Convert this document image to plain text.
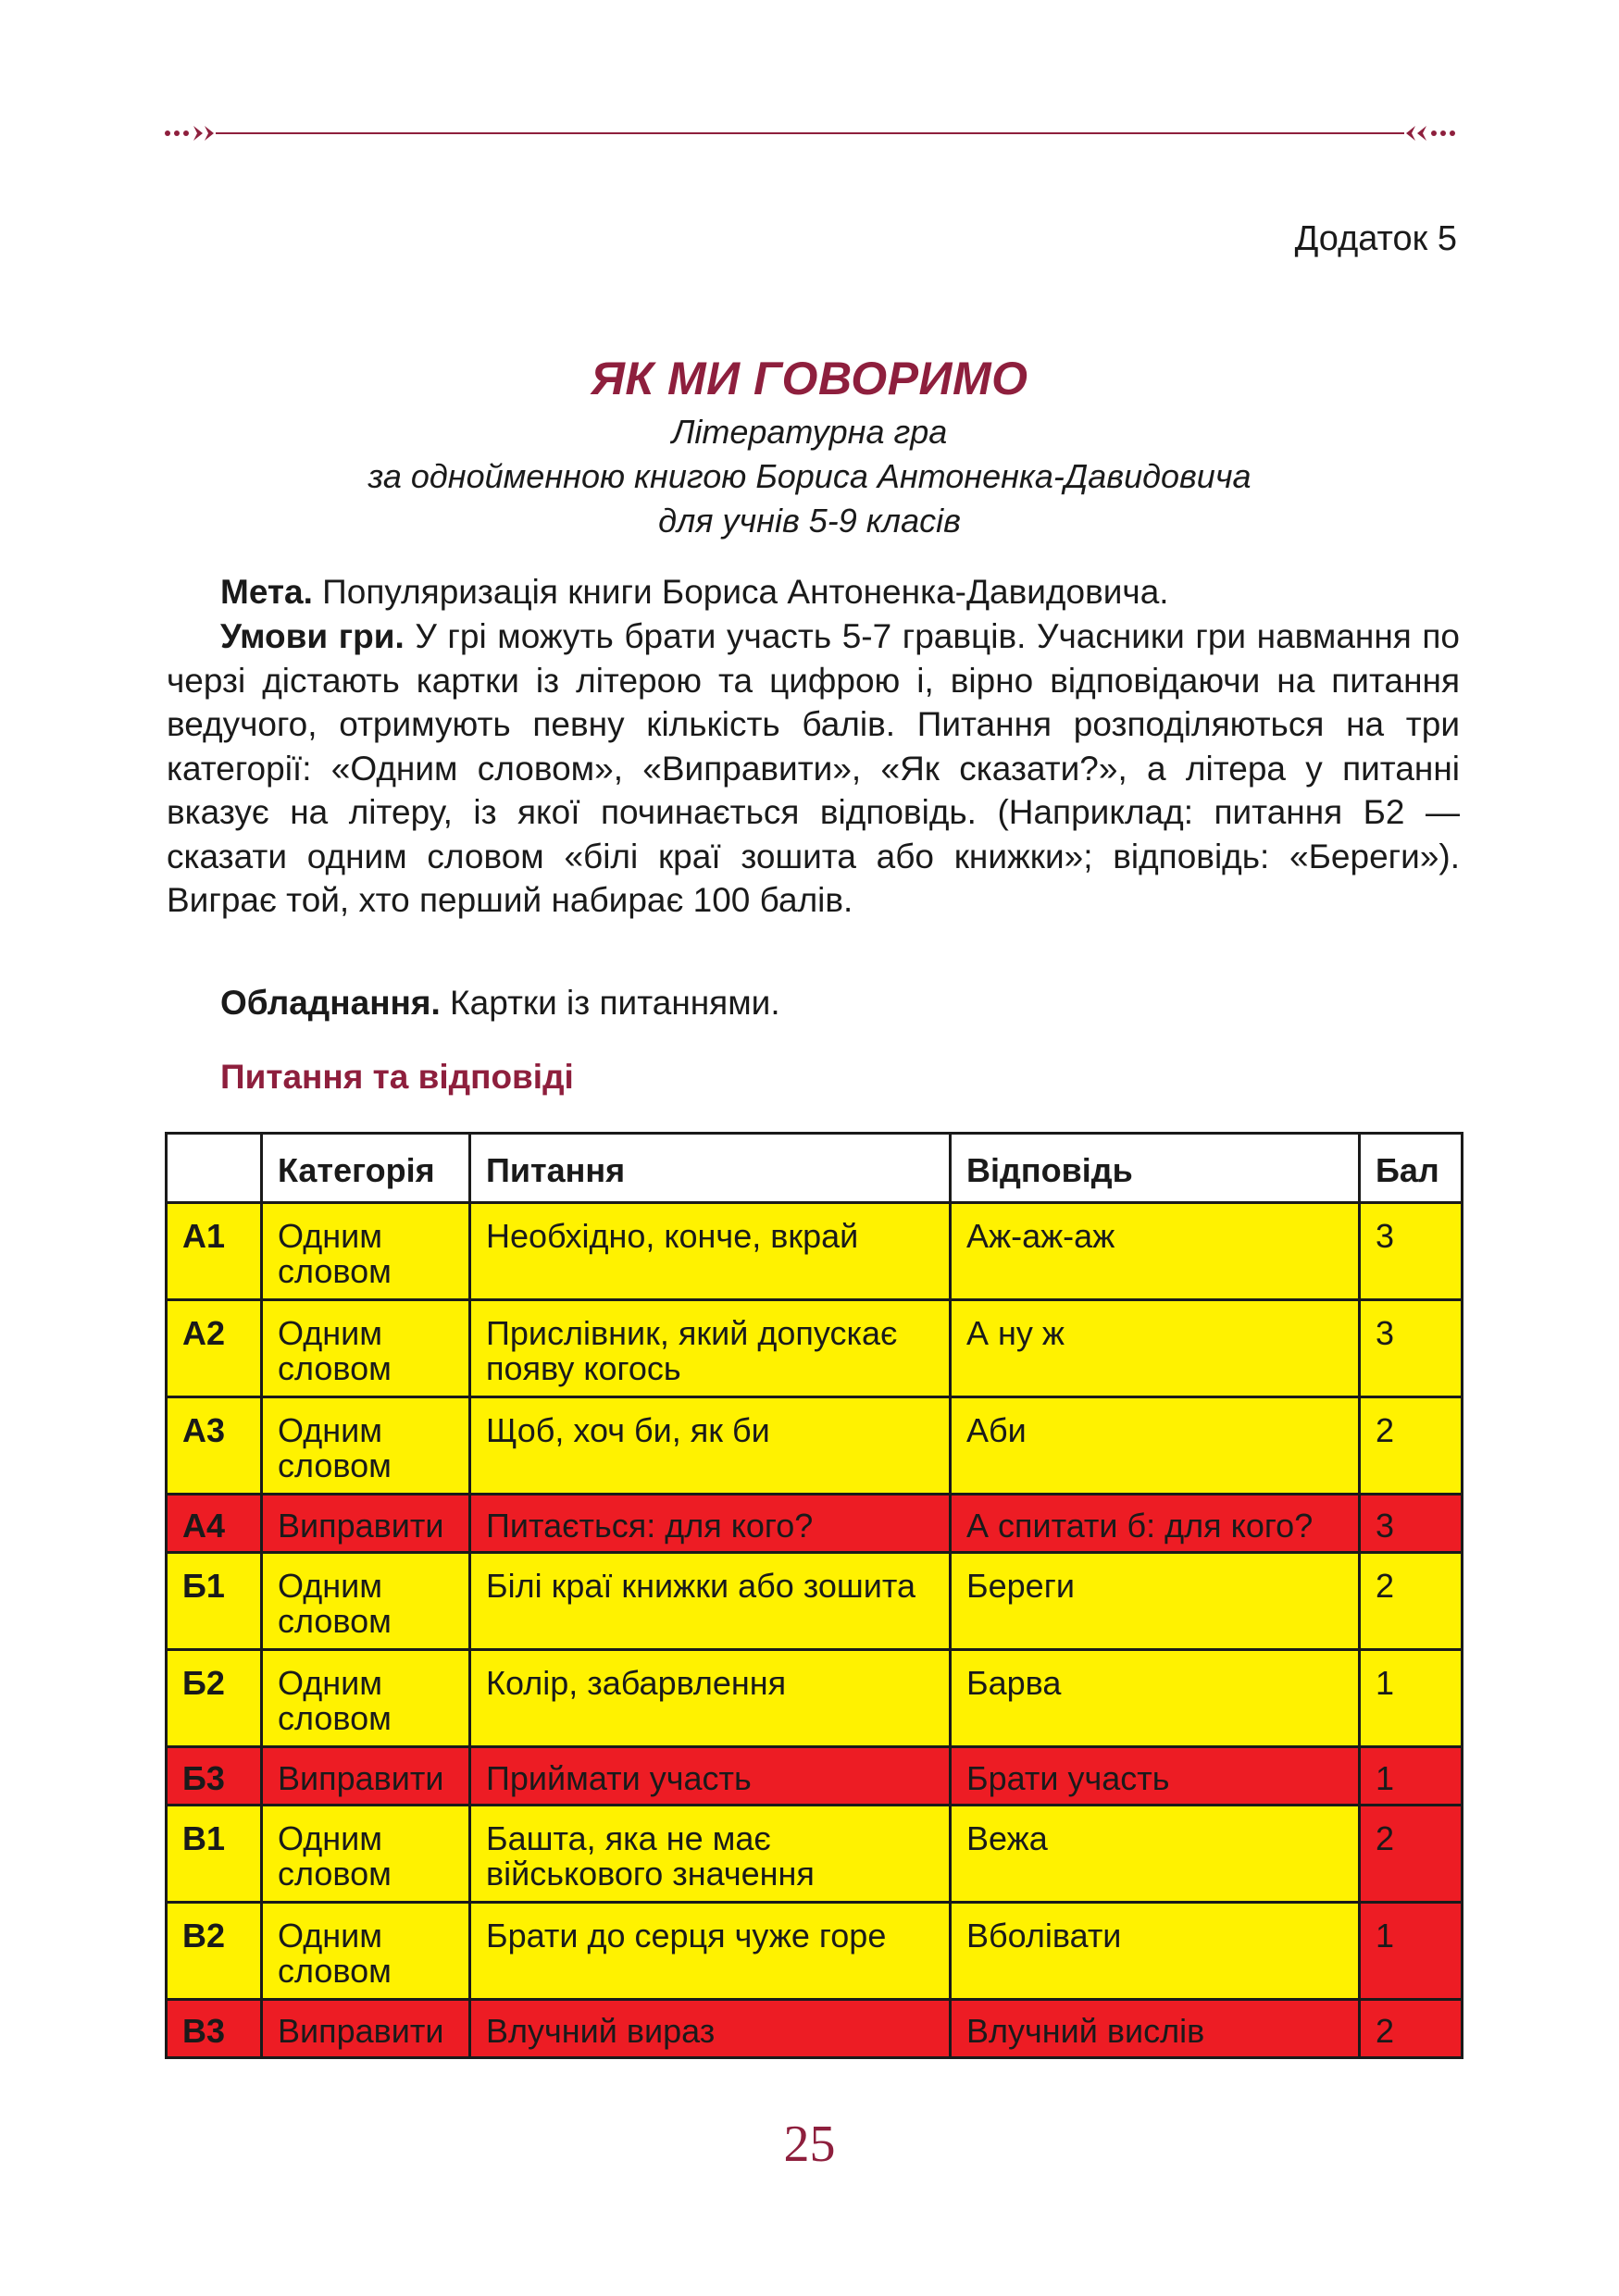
Додаток 5
ЯК МИ ГОВОРИМО
Літературна гра
за однойменною книгою Бориса Антоненка-Давидовича
для учнів 5-9 класів

Мета. Популяризація книги Бориса Антоненка-Давидовича.

Умови гри. У грі можуть брати участь 5-7 гравців. Учасники гри навмання по черзі дістають картки із літерою та цифрою і, вірно відповідаючи на питання ведучого, отримують певну кількість балів. Питання розподіляються на три категорії: «Одним словом», «Виправити», «Як сказати?», а літера у питанні вказує на літеру, із якої починається відповідь. (Наприклад: питання Б2 — сказати одним словом «білі краї зошита або книжки»; відповідь: «Береги»). Виграє той, хто перший набирає 100 балів.

Обладнання. Картки із питаннями.

Питання та відповіді
	Категорія	Питання	Відповідь	Бал
А1	Одним словом	Необхідно, конче, вкрай	Аж-аж-аж	3
А2	Одним словом	Прислівник, який допускає появу когось	А ну ж	3
А3	Одним словом	Щоб, хоч би, як би	Аби	2
А4	Виправити	Питається: для кого?	А спитати б: для кого?	3
Б1	Одним словом	Білі краї книжки або зошита	Береги	2
Б2	Одним словом	Колір, забарвлення	Барва	1
Б3	Виправити	Приймати участь	Брати участь	1
В1	Одним словом	Башта, яка не має військового значення	Вежа	2
В2	Одним словом	Брати до серця чуже горе	Вболівати	1
В3	Виправити	Влучний вираз	Влучний вислів	2
25
